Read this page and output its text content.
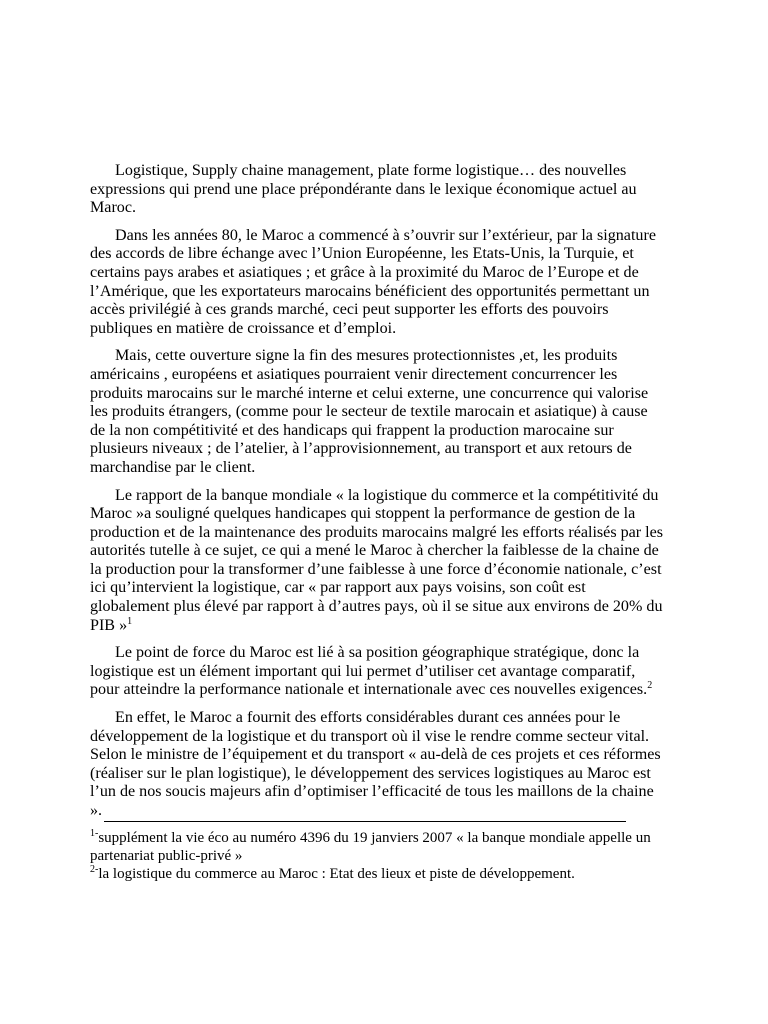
Logistique, Supply chaine management, plate forme logistique… des nouvelles expressions qui prend une place prépondérante dans le lexique économique actuel au Maroc.

Dans les années 80, le Maroc a commencé à s’ouvrir sur l’extérieur, par la signature des accords de libre échange avec l’Union Européenne, les Etats-Unis, la Turquie, et certains pays arabes et asiatiques ; et grâce à la proximité du Maroc de l’Europe et de l’Amérique, que les exportateurs marocains bénéficient des opportunités permettant un accès privilégié à ces grands marché, ceci peut supporter les efforts des pouvoirs publiques en matière de croissance et d’emploi.

Mais, cette ouverture signe la fin des mesures protectionnistes ,et, les produits américains , européens et asiatiques pourraient venir directement concurrencer les produits marocains sur le marché interne et celui externe, une concurrence qui valorise les produits étrangers, (comme pour le secteur de textile marocain et asiatique) à cause de la non compétitivité et des handicaps qui frappent la production marocaine sur plusieurs niveaux ; de l’atelier, à l’approvisionnement, au transport et aux retours de marchandise par le client.

Le rapport de la banque mondiale « la logistique du commerce et la compétitivité du Maroc »a souligné quelques handicapes qui stoppent la performance de gestion de la production et de la maintenance des produits marocains malgré les efforts réalisés par les autorités tutelle à ce sujet, ce qui a mené le Maroc à chercher la faiblesse de la chaine de la production pour la transformer d’une faiblesse à une force d’économie nationale, c’est ici qu’intervient la logistique, car « par rapport aux pays voisins, son coût est globalement plus élevé par rapport à d’autres pays, où il se situe aux environs de 20% du PIB »$^1$

Le point de force du Maroc est lié à sa position géographique stratégique, donc la logistique est un élément important qui lui permet d’utiliser cet avantage comparatif, pour atteindre la performance nationale et internationale avec ces nouvelles exigences.$^2$

En effet, le Maroc a fournit des efforts considérables durant ces années pour le développement de la logistique et du transport où il vise le rendre comme secteur vital. Selon le ministre de l’équipement et du transport « au-delà de ces projets et ces réformes (réaliser sur le plan logistique), le développement des services logistiques au Maroc est l’un de nos soucis majeurs afin d’optimiser l’efficacité de tous les maillons de la chaine ».

$^{1-}$supplément la vie éco au numéro 4396 du 19 janviers 2007 « la banque mondiale appelle un partenariat public-privé »

$^{2-}$la logistique du commerce au Maroc : Etat des lieux et piste de développement.
